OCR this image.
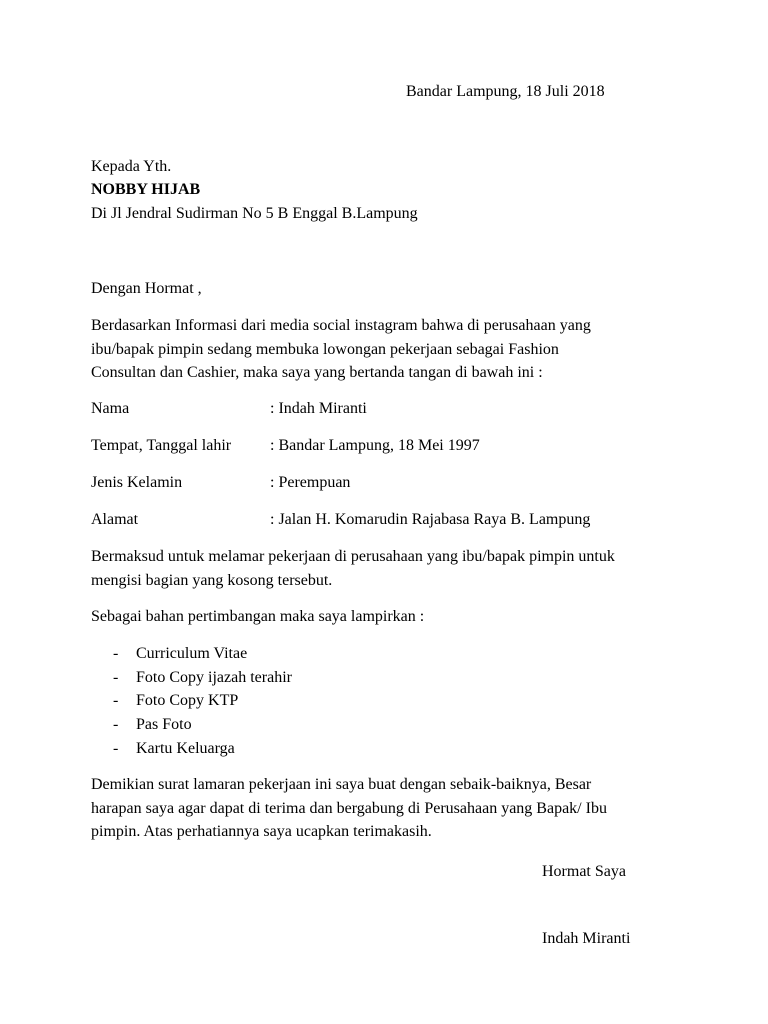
Bandar Lampung, 18 Juli 2018
Kepada Yth.
NOBBY HIJAB
Di Jl Jendral Sudirman No 5 B Enggal B.Lampung
Dengan Hormat ,
Berdasarkan Informasi dari media social instagram bahwa di perusahaan yang
ibu/bapak pimpin sedang membuka lowongan pekerjaan sebagai Fashion
Consultan dan Cashier, maka saya yang bertanda tangan di bawah ini :
Nama	: Indah Miranti
Tempat, Tanggal lahir : Bandar Lampung, 18 Mei 1997
Jenis Kelamin	: Perempuan
Alamat	: Jalan H. Komarudin Rajabasa Raya B. Lampung
Bermaksud untuk melamar pekerjaan di perusahaan yang ibu/bapak pimpin untuk
mengisi bagian yang kosong tersebut.
Sebagai bahan pertimbangan maka saya lampirkan :
- Curriculum Vitae
- Foto Copy ijazah terahir
- Foto Copy KTP
- Pas Foto
- Kartu Keluarga
Demikian surat lamaran pekerjaan ini saya buat dengan sebaik-baiknya, Besar
harapan saya agar dapat di terima dan bergabung di Perusahaan yang Bapak/ Ibu
pimpin. Atas perhatiannya saya ucapkan terimakasih.
Hormat Saya
Indah Miranti
